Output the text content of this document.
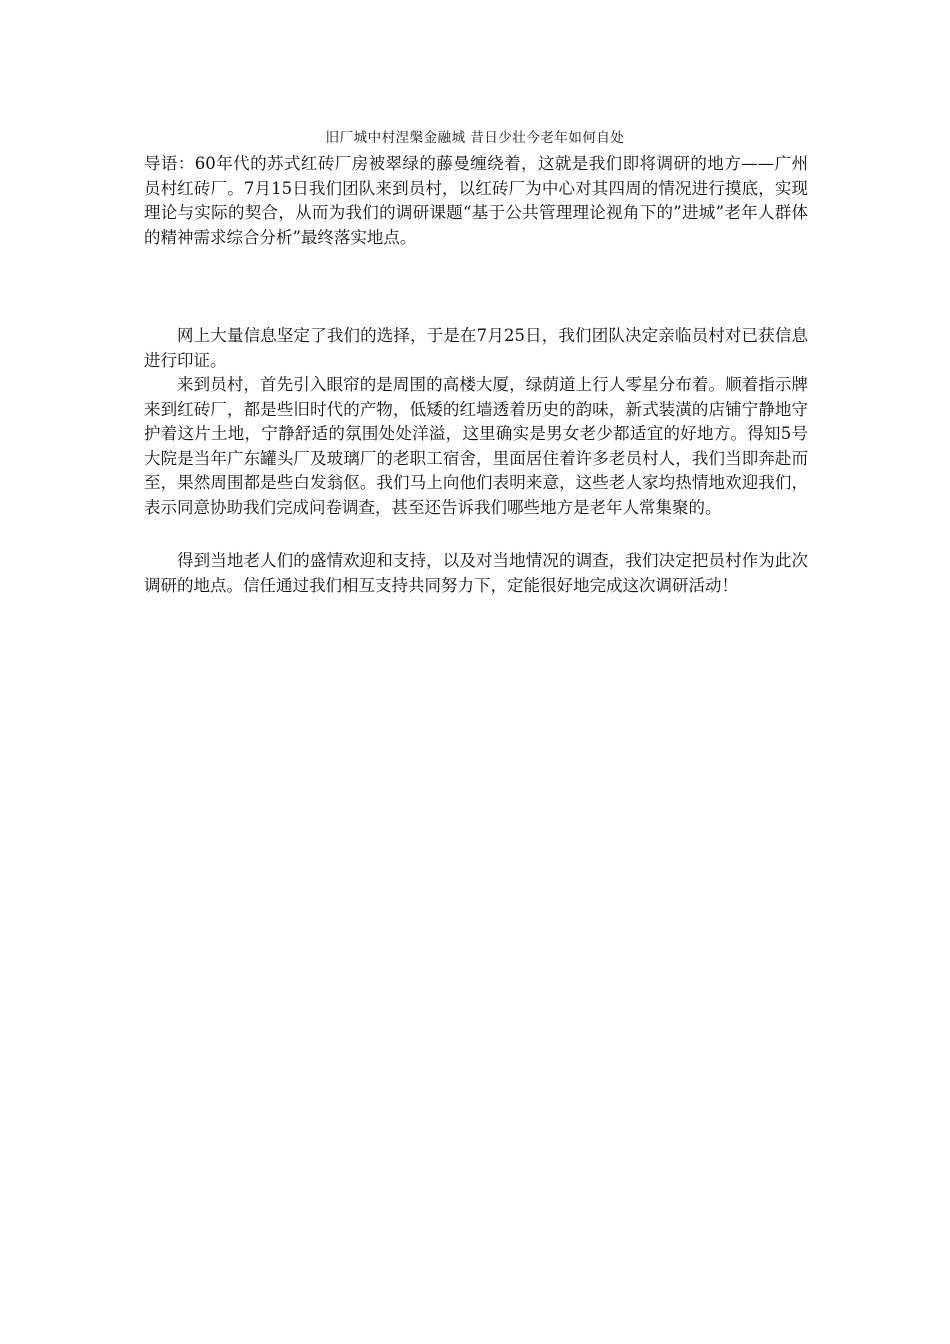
旧厂城中村涅槃金融城 昔日少壮今老年如何自处

导语：60年代的苏式红砖厂房被翠绿的藤曼缠绕着，这就是我们即将调研的地方——广州员村红砖厂。7月15日我们团队来到员村，以红砖厂为中心对其四周的情况进行摸底，实现理论与实际的契合，从而为我们的调研课题“基于公共管理理论视角下的”进城”老年人群体的精神需求综合分析”最终落实地点。

网上大量信息坚定了我们的选择，于是在7月25日，我们团队决定亲临员村对已获信息进行印证。

来到员村，首先引入眼帘的是周围的高楼大厦，绿荫道上行人零星分布着。顺着指示牌来到红砖厂，都是些旧时代的产物，低矮的红墙透着历史的韵味，新式装潢的店铺宁静地守护着这片土地，宁静舒适的氛围处处洋溢，这里确实是男女老少都适宜的好地方。得知5号大院是当年广东罐头厂及玻璃厂的老职工宿舍，里面居住着许多老员村人，我们当即奔赴而至，果然周围都是些白发翁伛。我们马上向他们表明来意，这些老人家均热情地欢迎我们，表示同意协助我们完成问卷调查，甚至还告诉我们哪些地方是老年人常集聚的。

得到当地老人们的盛情欢迎和支持，以及对当地情况的调查，我们决定把员村作为此次调研的地点。信任通过我们相互支持共同努力下，定能很好地完成这次调研活动！
